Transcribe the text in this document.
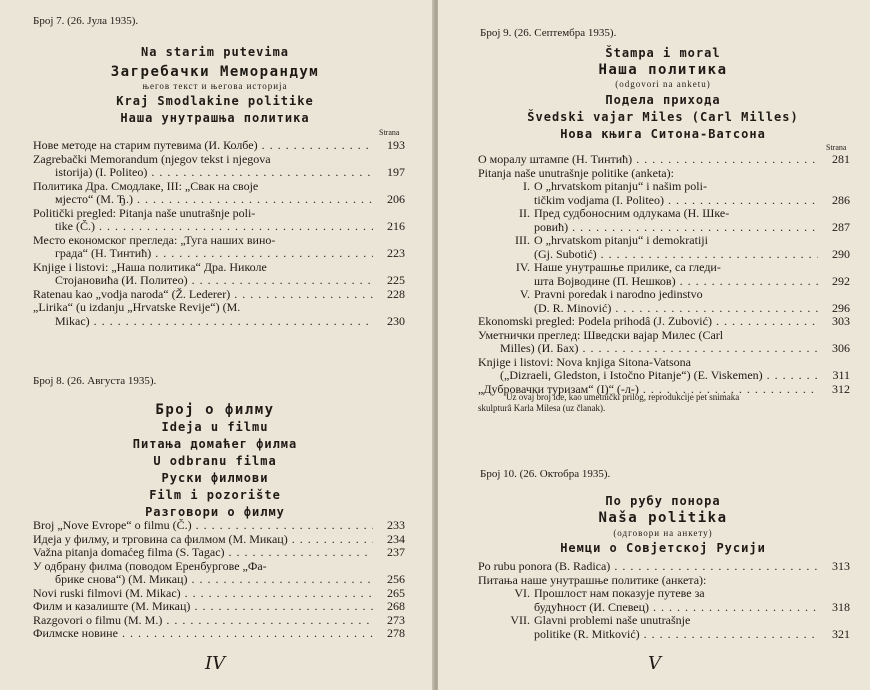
Број 7. (26. Јула 1935).
Na starim putevima
Загребачки Меморандум
његов текст и његова историја
Kraj Smodlakine politike
Наша унутрашња политика
Strana
Нове методе на старим путевима (И. Колбе) . . .	193
Zagrebački Memorandum (njegov tekst i njegova
istorija) (I. Politeo) . . .	197
Политика Дра. Смодлаке, III: „Свак на своје
мјесто“ (М. Ђ.) . . .	206
Politički pregled: Pitanja naše unutrašnje poli-
tike (Č.) . . .	216
Место економског прегледа: „Туга наших вино-
града“ (Н. Тинтић) . . .	223
Knjige i listovi: „Наша политика“ Дра. Николе
Стојановића (И. Политео) . . .	225
Ratenau kao „vodja naroda“ (Ž. Lederer) . . .	228
„Lirika“ (u izdanju „Hrvatske Revije“) (M.
Mikac) . . .	230
Број 8. (26. Августа 1935).
Број о филму
Ideja u filmu
Питања домаћег филма
U odbranu filma
Руски филмови
Film i pozorište
Разговори о филму
Broj „Nove Evrope“ o filmu (Č.) . . .	233
Идеја у филму, и трговина са филмом (М. Микац) . . .	234
Važna pitanja domaćeg filma (S. Tagac) . . .	237
У одбрану филма (поводом Еренбургове „Фа-
брике снова“) (М. Микац) . . .	256
Novi ruski filmovi (M. Mikac) . . .	265
Филм и казалиште (М. Микац) . . .	268
Razgovori o filmu (M. M.) . . .	273
Филмске новине . . .	278
IV
Број 9. (26. Септембра 1935).
Štampa i moral
Наша политика
(odgovori na anketu)
Подела прихода
Švedski vajar Miles (Carl Milles)
Нова књига Ситона-Ватсона
Strana
О моралу штампе (Н. Тинтић) . . .	281
Pitanja naše unutrašnje politike (anketa):
I. O „hrvatskom pitanju“ i našim poli-
tičkim vodjama (I. Politeo) . . .	286
II. Пред судбоносним одлукама (Н. Шке-
ровић) . . .	287
III. O „hrvatskom pitanju“ i demokratiji
(Gj. Subotić) . . .	290
IV. Наше унутрашње прилике, са гледи-
шта Војводине (П. Нешков) . . .	292
V. Pravni poredak i narodno jedinstvo
(D. R. Minović) . . .	296
Ekonomski pregled: Podela prihodâ (J. Zubović) . . .	303
Уметнички преглед: Шведски вајар Милес (Carl
Milles) (И. Бах) . . .	306
Knjige i listovi: Nova knjiga Sitona-Vatsona
(„Dizraeli, Gledston, i Istočno Pitanje“) (E. Viskemen) . . .	311
„Дубровачки туризам“ (I)“ (-л-) . . .	312
Uz ovaj broj ide, kao umetnički prilog, reprodukcije pet snimaka
skulpturâ Karla Milesa (uz članak).
Број 10. (26. Октобра 1935).
По рубу понора
Naša politika
(одговори на анкету)
Немци о Совјетској Русији
Po rubu ponora (B. Radica) . . .	313
Питања наше унутрашње политике (анкета):
VI. Прошлост нам показује путеве за
будућност (И. Спевец) . . .	318
VII. Glavni problemi naše unutrašnje
politike (R. Mitković) . . .	321
V
